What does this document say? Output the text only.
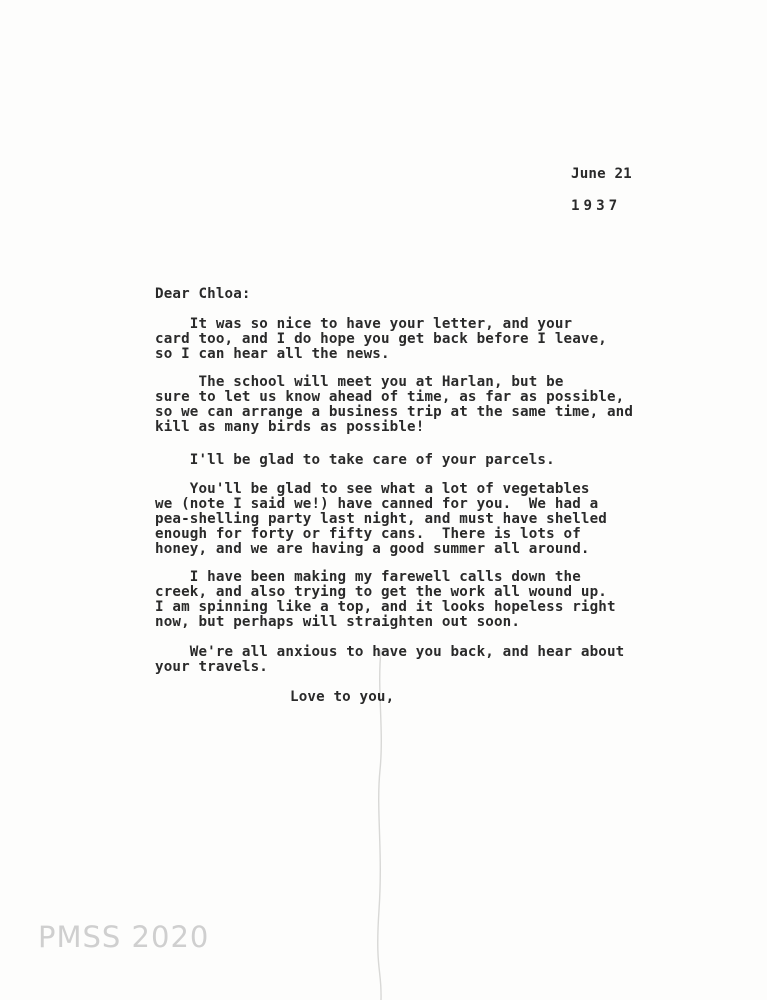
June 21
1937
Dear Chloa:
It was so nice to have your letter, and your
card too, and I do hope you get back before I leave,
so I can hear all the news.
The school will meet you at Harlan, but be
sure to let us know ahead of time, as far as possible,
so we can arrange a business trip at the same time, and
kill as many birds as possible!
I'll be glad to take care of your parcels.
You'll be glad to see what a lot of vegetables
we (note I said we!) have canned for you.  We had a
pea-shelling party last night, and must have shelled
enough for forty or fifty cans.  There is lots of
honey, and we are having a good summer all around.
I have been making my farewell calls down the
creek, and also trying to get the work all wound up.
I am spinning like a top, and it looks hopeless right
now, but perhaps will straighten out soon.
We're all anxious to have you back, and hear about
your travels.
Love to you,
PMSS 2020
